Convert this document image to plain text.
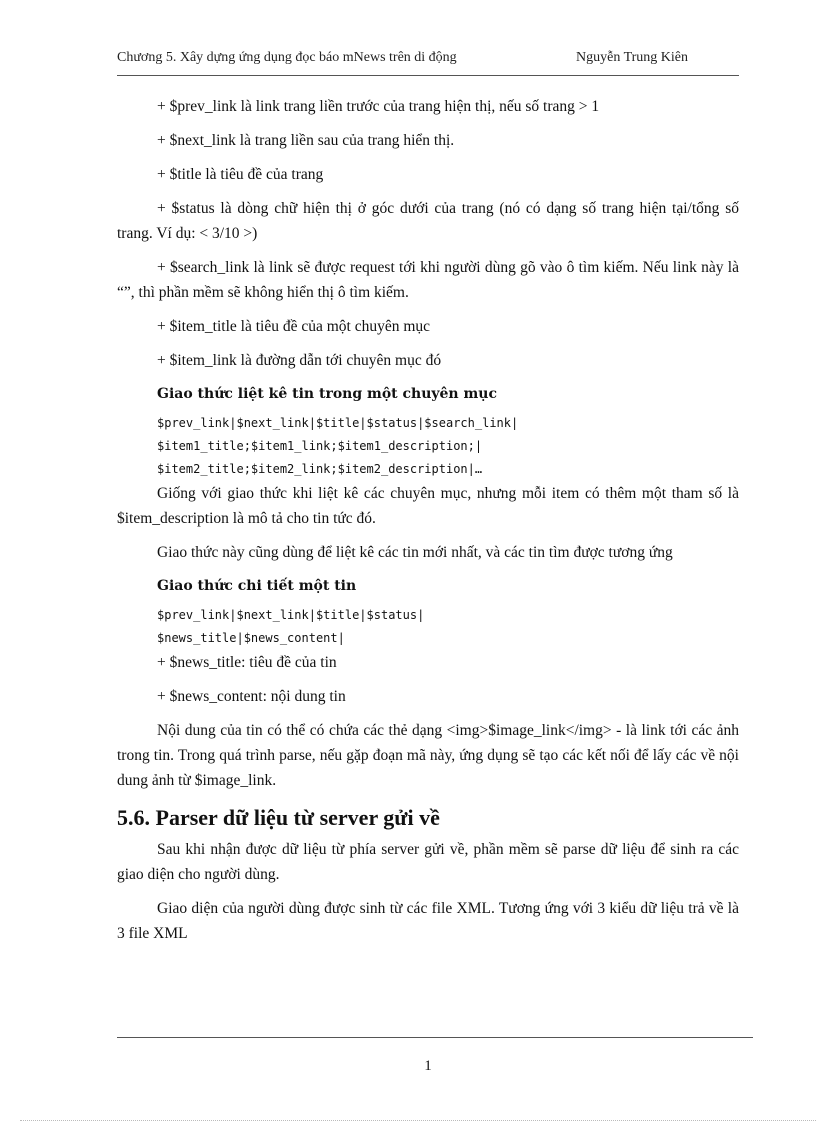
Chương 5. Xây dựng ứng dụng đọc báo mNews trên di động	Nguyễn Trung Kiên

+ $prev_link là link trang liền trước của trang hiện thị, nếu số trang > 1

+ $next_link là trang liền sau của trang hiển thị.

+ $title là tiêu đề của trang

+ $status là dòng chữ hiện thị ở góc dưới của trang (nó có dạng số trang hiện tại/tổng số trang. Ví dụ: < 3/10 >)

+ $search_link là link sẽ được request tới khi người dùng gõ vào ô tìm kiếm. Nếu link này là “”, thì phần mềm sẽ không hiển thị ô tìm kiếm.

+ $item_title là tiêu đề của một chuyên mục

+ $item_link là đường dẫn tới chuyên mục đó

Giao thức liệt kê tin trong một chuyên mục
$prev_link|$next_link|$title|$status|$search_link|
$item1_title;$item1_link;$item1_description;|
$item2_title;$item2_link;$item2_description|…

Giống với giao thức khi liệt kê các chuyên mục, nhưng mỗi item có thêm một tham số là $item_description là mô tả cho tin tức đó.

Giao thức này cũng dùng để liệt kê các tin mới nhất, và các tin tìm được tương ứng

Giao thức chi tiết một tin
$prev_link|$next_link|$title|$status|
$news_title|$news_content|

+ $news_title: tiêu đề của tin

+ $news_content: nội dung tin

Nội dung của tin có thể có chứa các thẻ dạng <img>$image_link</img> - là link tới các ảnh trong tin. Trong quá trình parse, nếu gặp đoạn mã này, ứng dụng sẽ tạo các kết nối để lấy các về nội dung ảnh từ $image_link.

5.6. Parser dữ liệu từ server gửi về

Sau khi nhận được dữ liệu từ phía server gửi về, phần mềm sẽ parse dữ liệu để sinh ra các giao diện cho người dùng.

Giao diện của người dùng được sinh từ các file XML. Tương ứng với 3 kiểu dữ liệu trả về là 3 file XML

1
